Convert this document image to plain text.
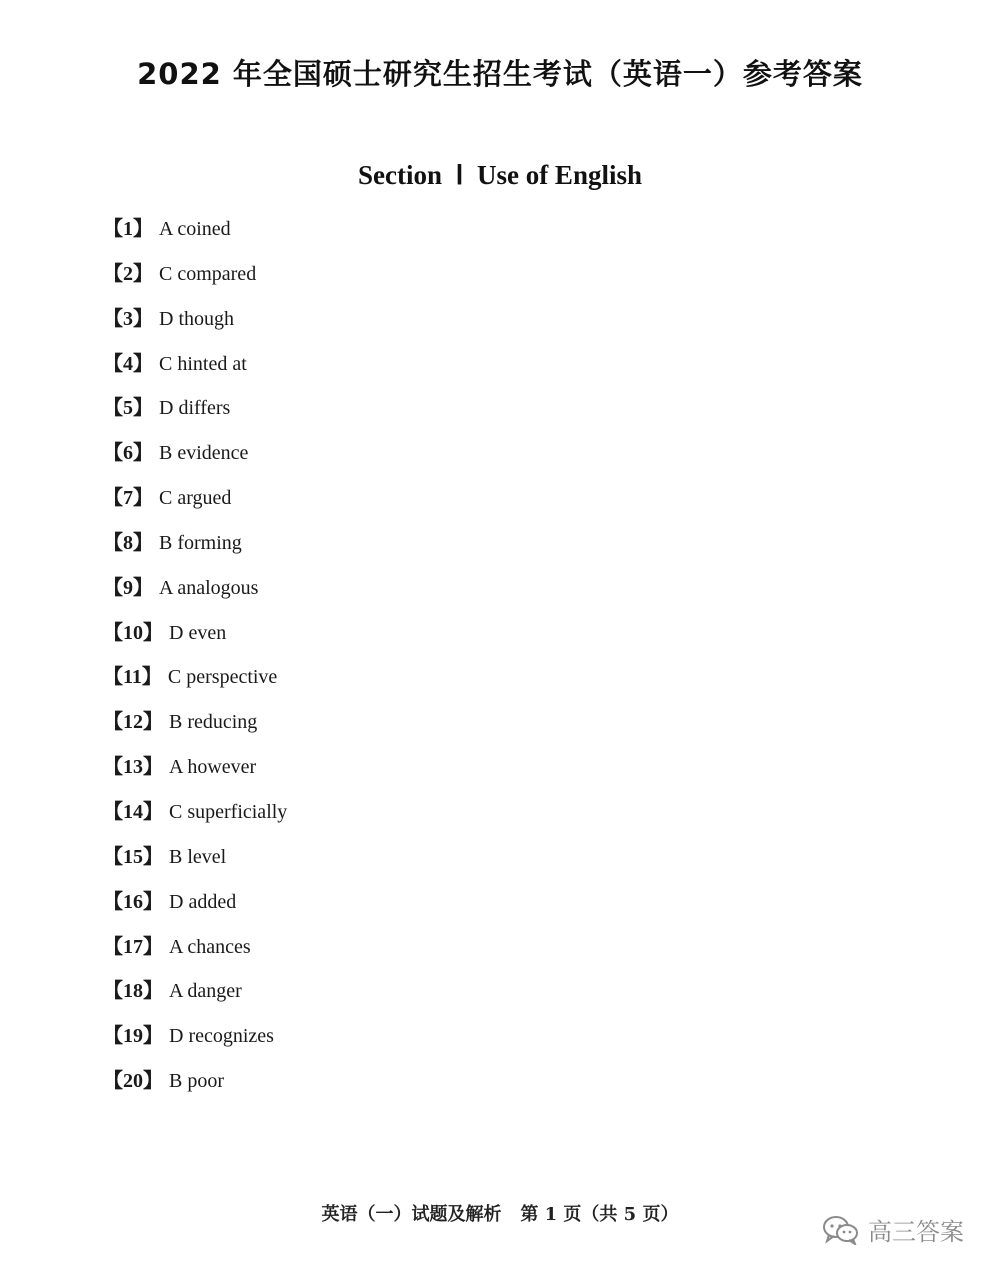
2022 年全国硕士研究生招生考试（英语一）参考答案
Section  Ⅰ  Use of English
【1】 A coined
【2】 C compared
【3】 D though
【4】 C hinted at
【5】 D differs
【6】 B evidence
【7】 C argued
【8】 B forming
【9】 A analogous
【10】 D even
【11】 C perspective
【12】 B reducing
【13】 A however
【14】 C superficially
【15】 B level
【16】 D added
【17】 A chances
【18】 A danger
【19】 D recognizes
【20】 B poor
英语（一）试题及解析   第 1 页（共 5 页）
高三答案
